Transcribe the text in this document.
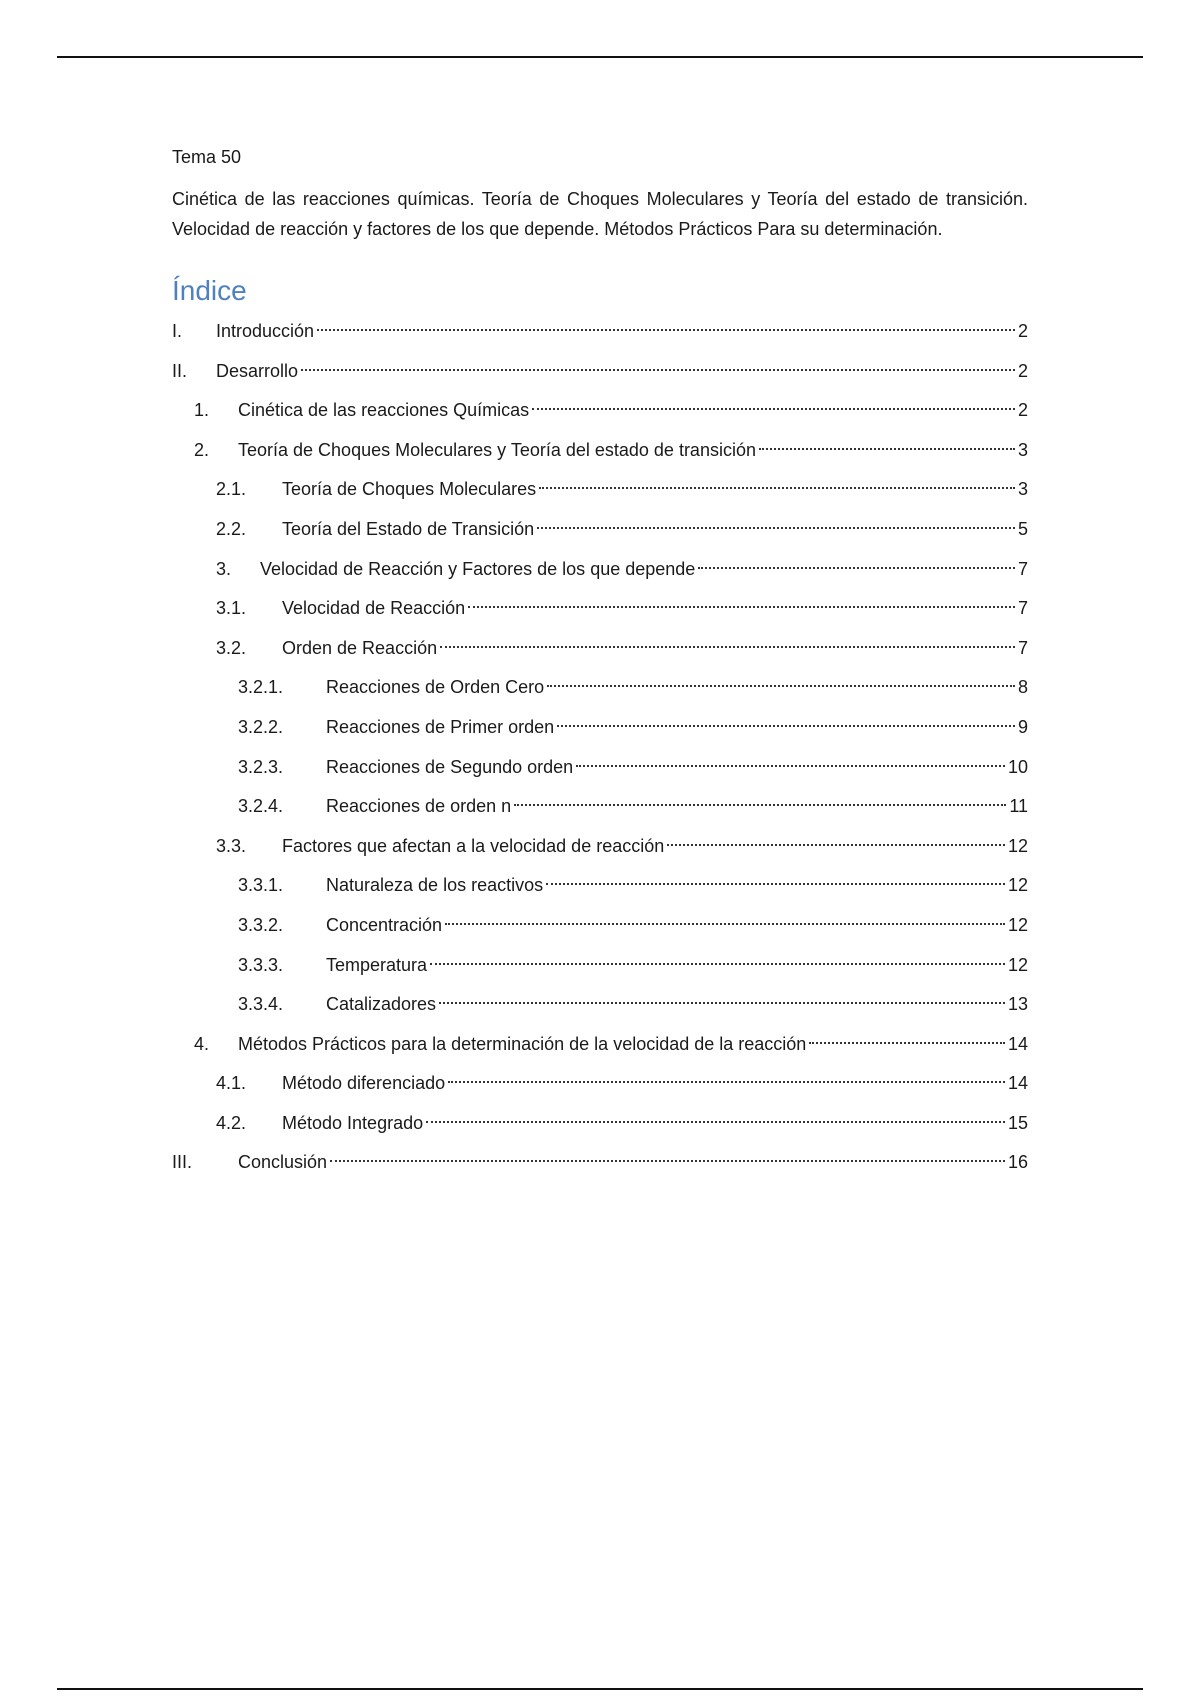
Tema 50

Cinética de las reacciones químicas. Teoría de Choques Moleculares y Teoría del estado de transición. Velocidad de reacción y factores de los que depende. Métodos Prácticos Para su determinación.

Índice
I.	Introducción	2
II.	Desarrollo	2
1.	Cinética de las reacciones Químicas	2
2.	Teoría de Choques Moleculares y Teoría del estado de transición	3
2.1.	Teoría de Choques Moleculares	3
2.2.	Teoría del Estado de Transición	5
3.	Velocidad de Reacción y Factores de los que depende	7
3.1.	Velocidad de Reacción	7
3.2.	Orden de Reacción	7
3.2.1.	Reacciones de Orden Cero	8
3.2.2.	Reacciones de Primer orden	9
3.2.3.	Reacciones de Segundo orden	10
3.2.4.	Reacciones de orden n	11
3.3.	Factores que afectan a la velocidad de reacción	12
3.3.1.	Naturaleza de los reactivos	12
3.3.2.	Concentración	12
3.3.3.	Temperatura	12
3.3.4.	Catalizadores	13
4.	Métodos Prácticos para la determinación de la velocidad de la reacción	14
4.1.	Método diferenciado	14
4.2.	Método Integrado	15
III.	Conclusión	16
